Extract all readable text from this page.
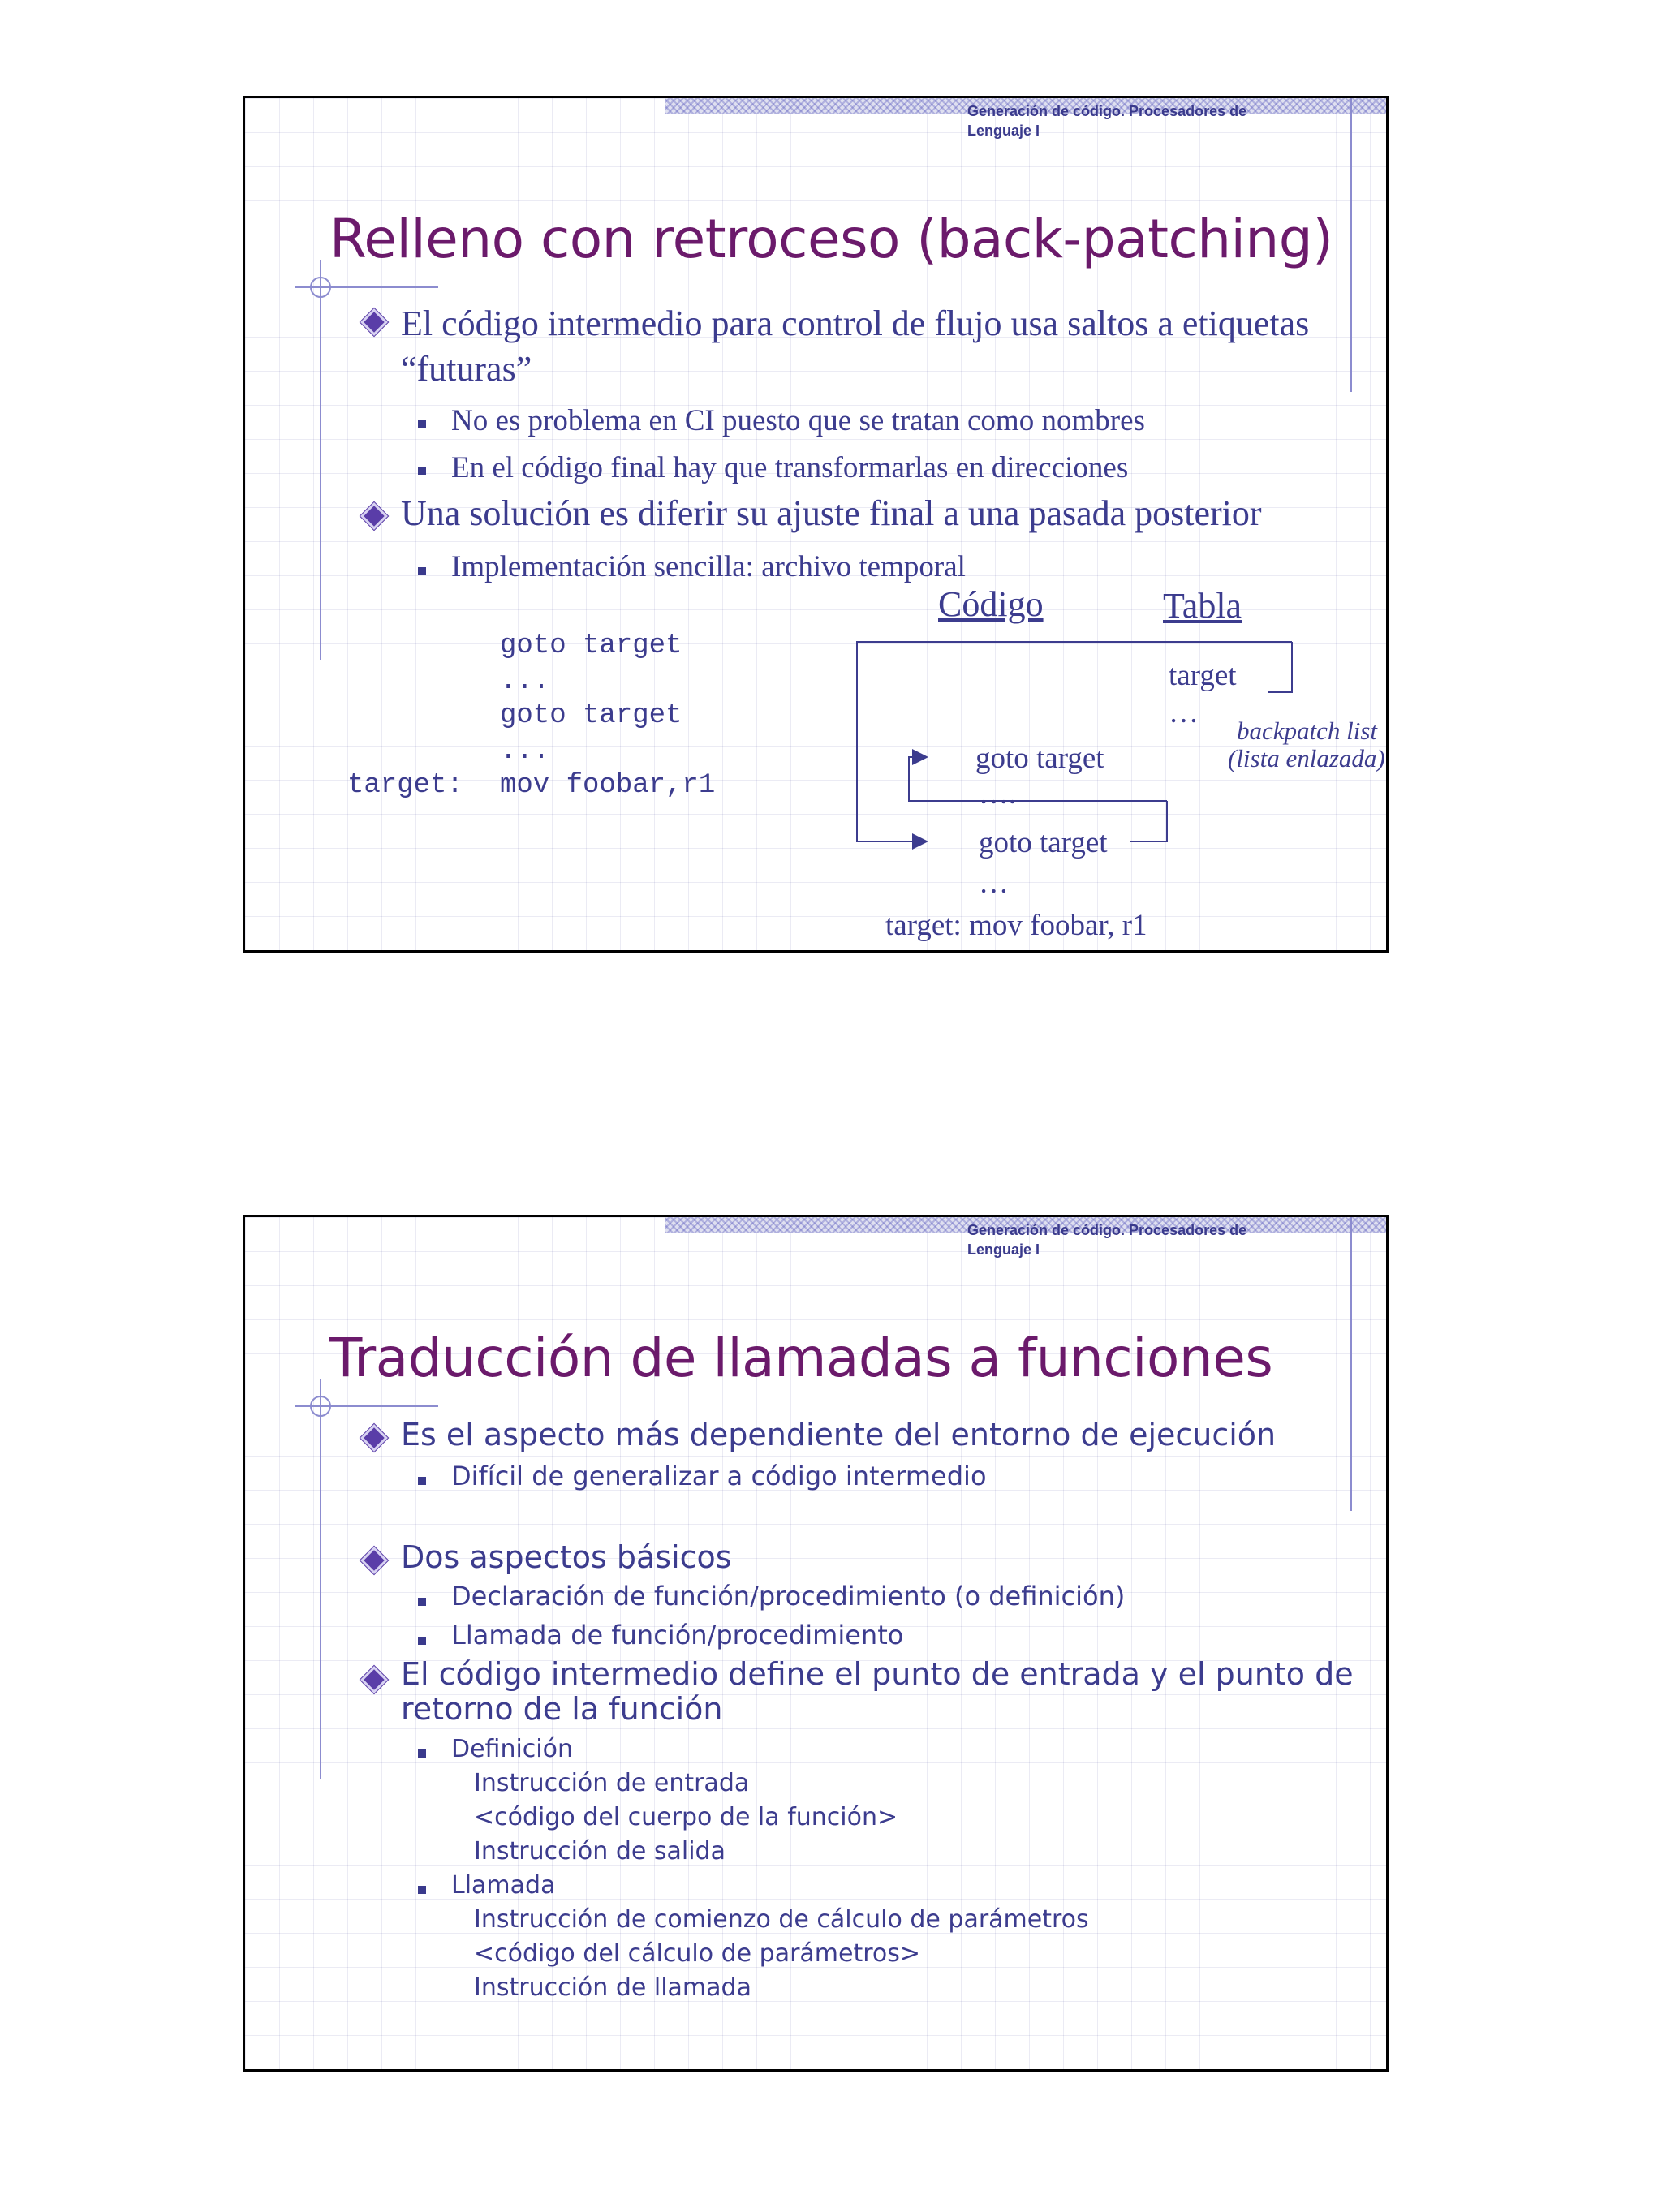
Generación de código. Procesadores de
Lenguaje I
Relleno con retroceso (back-patching)
El código intermedio para control de flujo usa saltos a etiquetas
“futuras”
No es problema en CI puesto que se tratan como nombres
En el código final hay que transformarlas en direcciones
Una solución es diferir su ajuste final a una pasada posterior
Implementación sencilla: archivo temporal
goto target
...
goto target
...
target: mov foobar,r1
Código	Tabla
target
…
backpatch list
(lista enlazada)
goto target
….
goto target
…
target: mov foobar, r1
Generación de código. Procesadores de
Lenguaje I
Traducción de llamadas a funciones
Es el aspecto más dependiente del entorno de ejecución
Difícil de generalizar a código intermedio
Dos aspectos básicos
Declaración de función/procedimiento (o definición)
Llamada de función/procedimiento
El código intermedio define el punto de entrada y el punto de
retorno de la función
Definición
Instrucción de entrada
<código del cuerpo de la función>
Instrucción de salida
Llamada
Instrucción de comienzo de cálculo de parámetros
<código del cálculo de parámetros>
Instrucción de llamada
